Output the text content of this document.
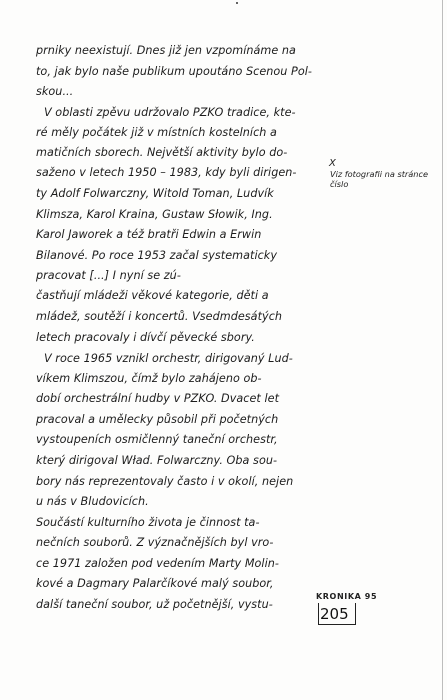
prniky neexistují. Dnes již jen vzpomínáme na
to, jak bylo naše publikum upoutáno Scenou Pol-
skou...
V oblasti zpěvu udržovalo PZKO tradice, kte-
ré měly počátek již v místních kostelních a
matičních sborech. Největší aktivity bylo do-
saženo v letech 1950 – 1983, kdy byli dirigen-
ty Adolf Folwarczny, Witold Toman, Ludvík
Klimsza, Karol Kraina, Gustaw Słowik, Ing.
Karol Jaworek a též bratři Edwin a Erwin
Bilanové. Po roce 1953 začal systematicky
pracovat [...] I nyní se zú-
častňují mládeži věkové kategorie, děti a
mládež, soutěží i koncertů. Vsedmdesátých
letech pracovaly i dívčí pěvecké sbory.
V roce 1965 vznikl orchestr, dirigovaný Lud-
víkem Klimszou, čímž bylo zahájeno ob-
dobí orchestrální hudby v PZKO. Dvacet let
pracoval a umělecky působil při početných
vystoupeních osmičlenný taneční orchestr,
který dirigoval Wład. Folwarczny. Oba sou-
bory nás reprezentovaly často i v okolí, nejen
u nás v Bludovicích.
Součástí kulturního života je činnost ta-
nečních souborů. Z význačnějších byl vro-
ce 1971 založen pod vedením Marty Molin-
kové a Dagmary Palarčíkové malý soubor,
další taneční soubor, už početnější, vystu-
X
Viz fotografii na stránce
číslo
KRONIKA 95
205
